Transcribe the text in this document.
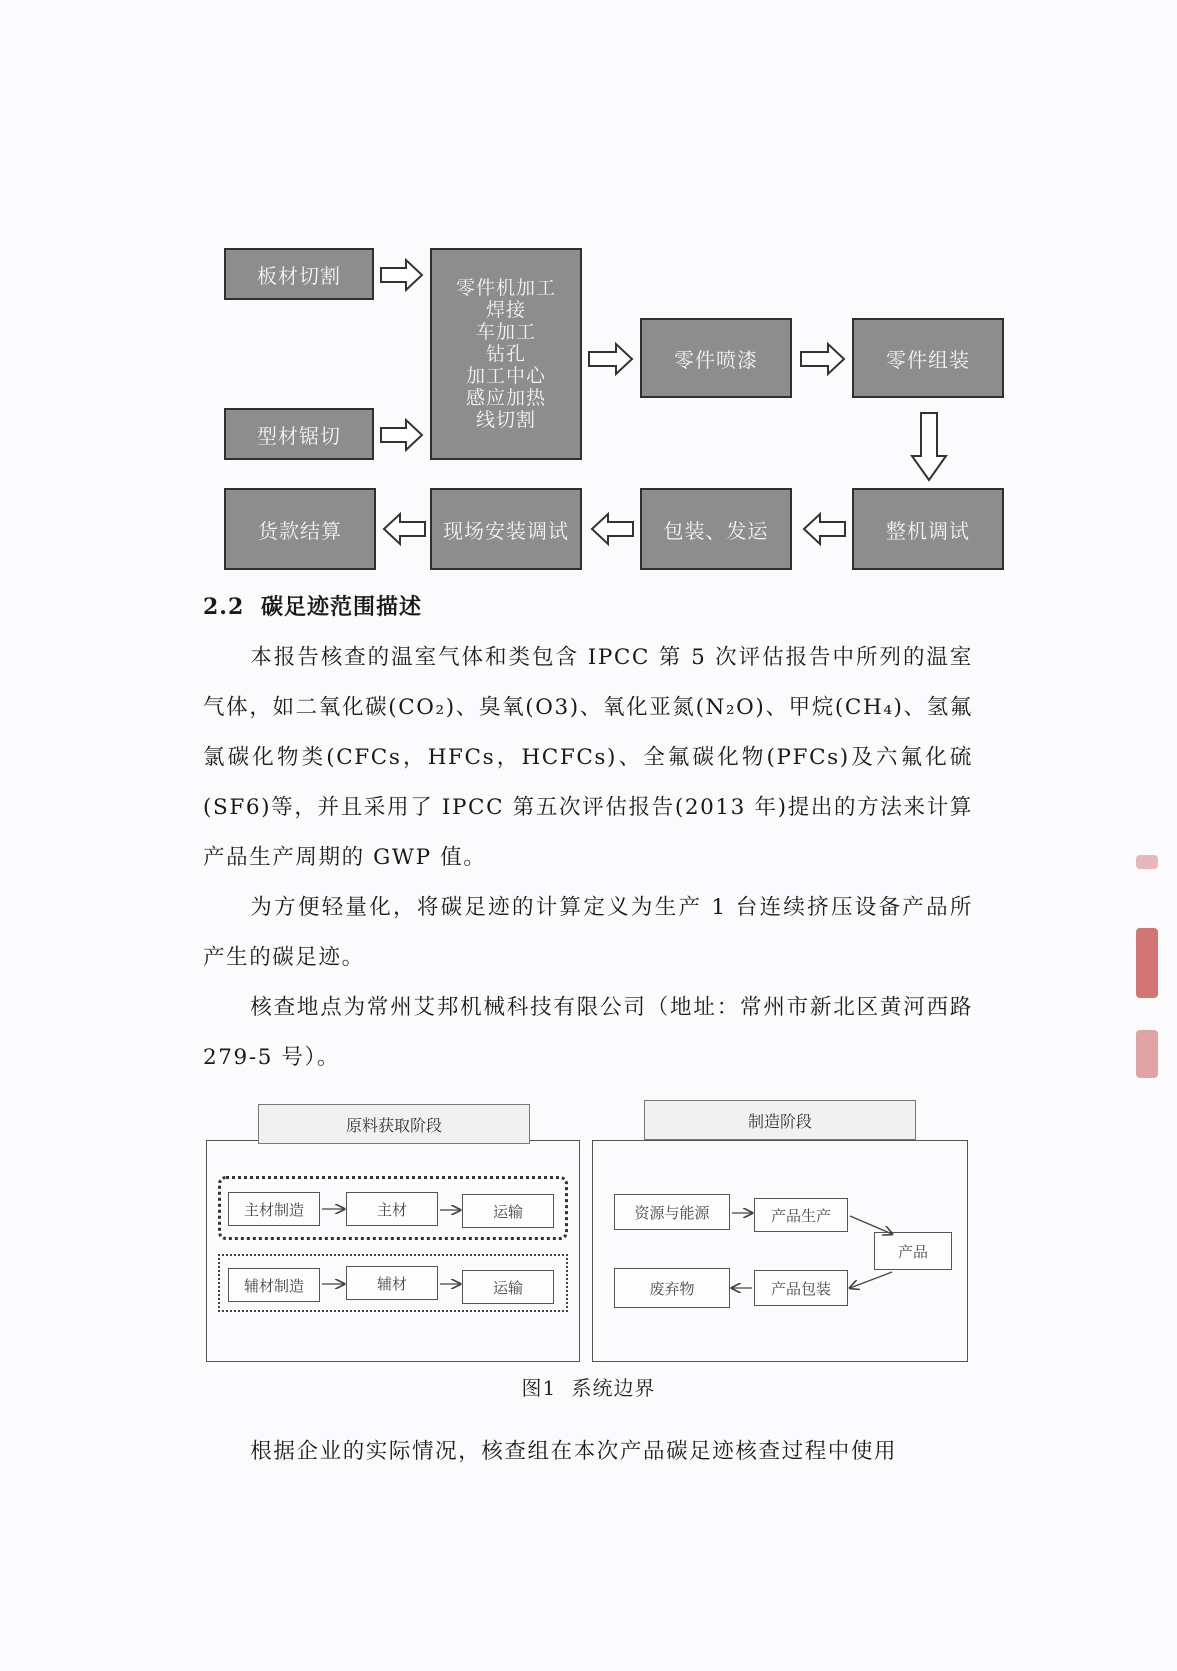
板材切割
型材锯切
零件机加工
焊接
车加工
钻孔
加工中心
感应加热
线切割
零件喷漆	零件组装
整机调试
包装、发运
现场安装调试
货款结算
2.2 碳足迹范围描述

本报告核查的温室气体和类包含 IPCC 第 5 次评估报告中所列的温室气体，如二氧化碳(CO₂)、臭氧(O3)、氧化亚氮(N₂O)、甲烷(CH₄)、氢氟氯碳化物类(CFCs，HFCs，HCFCs)、全氟碳化物(PFCs)及六氟化硫(SF6)等，并且采用了 IPCC 第五次评估报告(2013 年)提出的方法来计算产品生产周期的 GWP 值。

为方便轻量化，将碳足迹的计算定义为生产 1 台连续挤压设备产品所产生的碳足迹。

核查地点为常州艾邦机械科技有限公司（地址：常州市新北区黄河西路 279-5 号）。

原料获取阶段	制造阶段
主材制造	主材	运输
辅材制造	辅材	运输
资源与能源	产品生产
产品
废弃物	产品包装
图1 系统边界

根据企业的实际情况，核查组在本次产品碳足迹核查过程中使用
